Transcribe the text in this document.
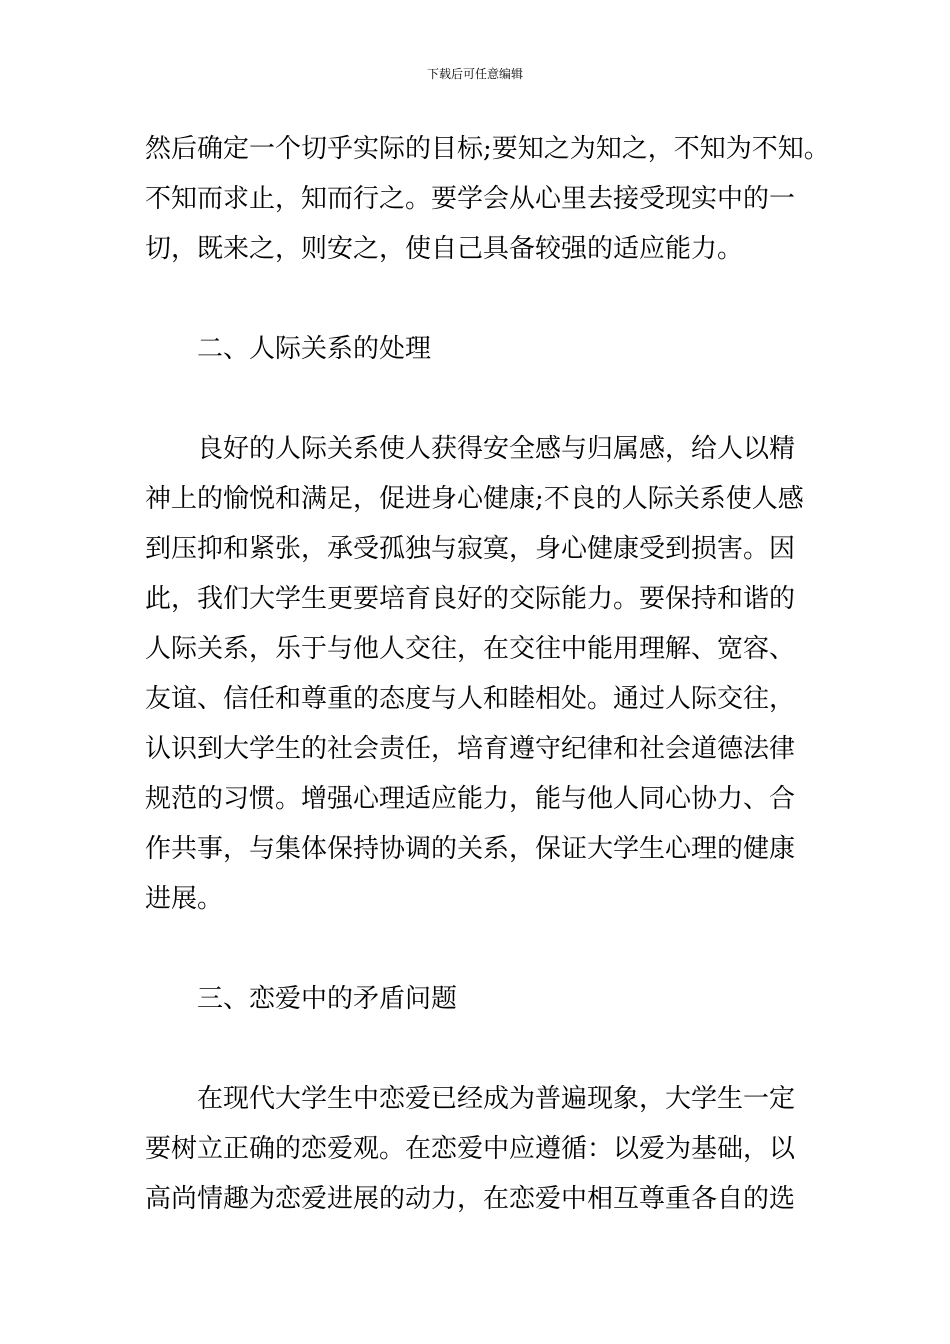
下载后可任意编辑
然后确定一个切乎实际的目标;要知之为知之，不知为不知。
不知而求止，知而行之。要学会从心里去接受现实中的一
切，既来之，则安之，使自己具备较强的适应能力。
二、人际关系的处理
良好的人际关系使人获得安全感与归属感，给人以精
神上的愉悦和满足，促进身心健康;不良的人际关系使人感
到压抑和紧张，承受孤独与寂寞，身心健康受到损害。因
此，我们大学生更要培育良好的交际能力。要保持和谐的
人际关系，乐于与他人交往，在交往中能用理解、宽容、
友谊、信任和尊重的态度与人和睦相处。通过人际交往，
认识到大学生的社会责任，培育遵守纪律和社会道德法律
规范的习惯。增强心理适应能力，能与他人同心协力、合
作共事，与集体保持协调的关系，保证大学生心理的健康
进展。
三、恋爱中的矛盾问题
在现代大学生中恋爱已经成为普遍现象，大学生一定
要树立正确的恋爱观。在恋爱中应遵循：以爱为基础，以
高尚情趣为恋爱进展的动力，在恋爱中相互尊重各自的选
